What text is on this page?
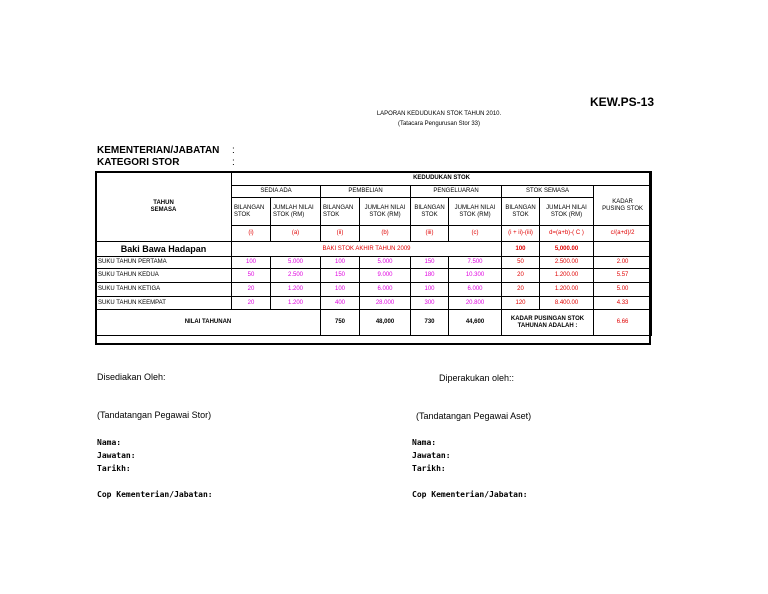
KEW.PS-13
LAPORAN KEDUDUKAN STOK TAHUN 2010.
(Tatacara Pengurusan Stor 33)
KEMENTERIAN/JABATAN :
KATEGORI STOR	:
TAHUN SEMASA	KEDUDUKAN STOK								
	SEDIA ADA		PEMBELIAN		PENGELUARAN		STOK SEMASA		KADAR PUSING STOK
	BILANGAN STOK	JUMLAH NILAI STOK (RM)	BILANGAN STOK	JUMLAH NILAI STOK (RM)	BILANGAN STOK	JUMLAH NILAI STOK (RM)	BILANGAN STOK	JUMLAH NILAI STOK (RM)	
	(i)	(a)	(ii)	(b)	(iii)	(c)	(i + ii)-(iii)	d=(a+b)-( C )	c/(a+d)/2
Baki Bawa Hadapan	BAKI STOK AKHIR TAHUN 2009						100	5,000.00	
SUKU TAHUN PERTAMA	100	5.000	100	5.000	150	7.500	50	2.500.00	2.00
SUKU TAHUN KEDUA	50	2.500	150	9.000	180	10.300	20	1.200.00	5.57
SUKU TAHUN KETIGA	20	1.200	100	6.000	100	6.000	20	1.200.00	5.00
SUKU TAHUN KEEMPAT	20	1.200	400	28.000	300	20.800	120	8.400.00	4.33
NILAI TAHUNAN			750	48,000	730	44,600	KADAR PUSINGAN STOK TAHUNAN ADALAH :		6.66
Disediakan Oleh:	Diperakukan oleh::
(Tandatangan Pegawai Stor)	(Tandatangan Pegawai Aset)
Nama:
Jawatan:
Tarikh:
Cop Kementerian/Jabatan:
Nama:
Jawatan:
Tarikh:
Cop Kementerian/Jabatan:
